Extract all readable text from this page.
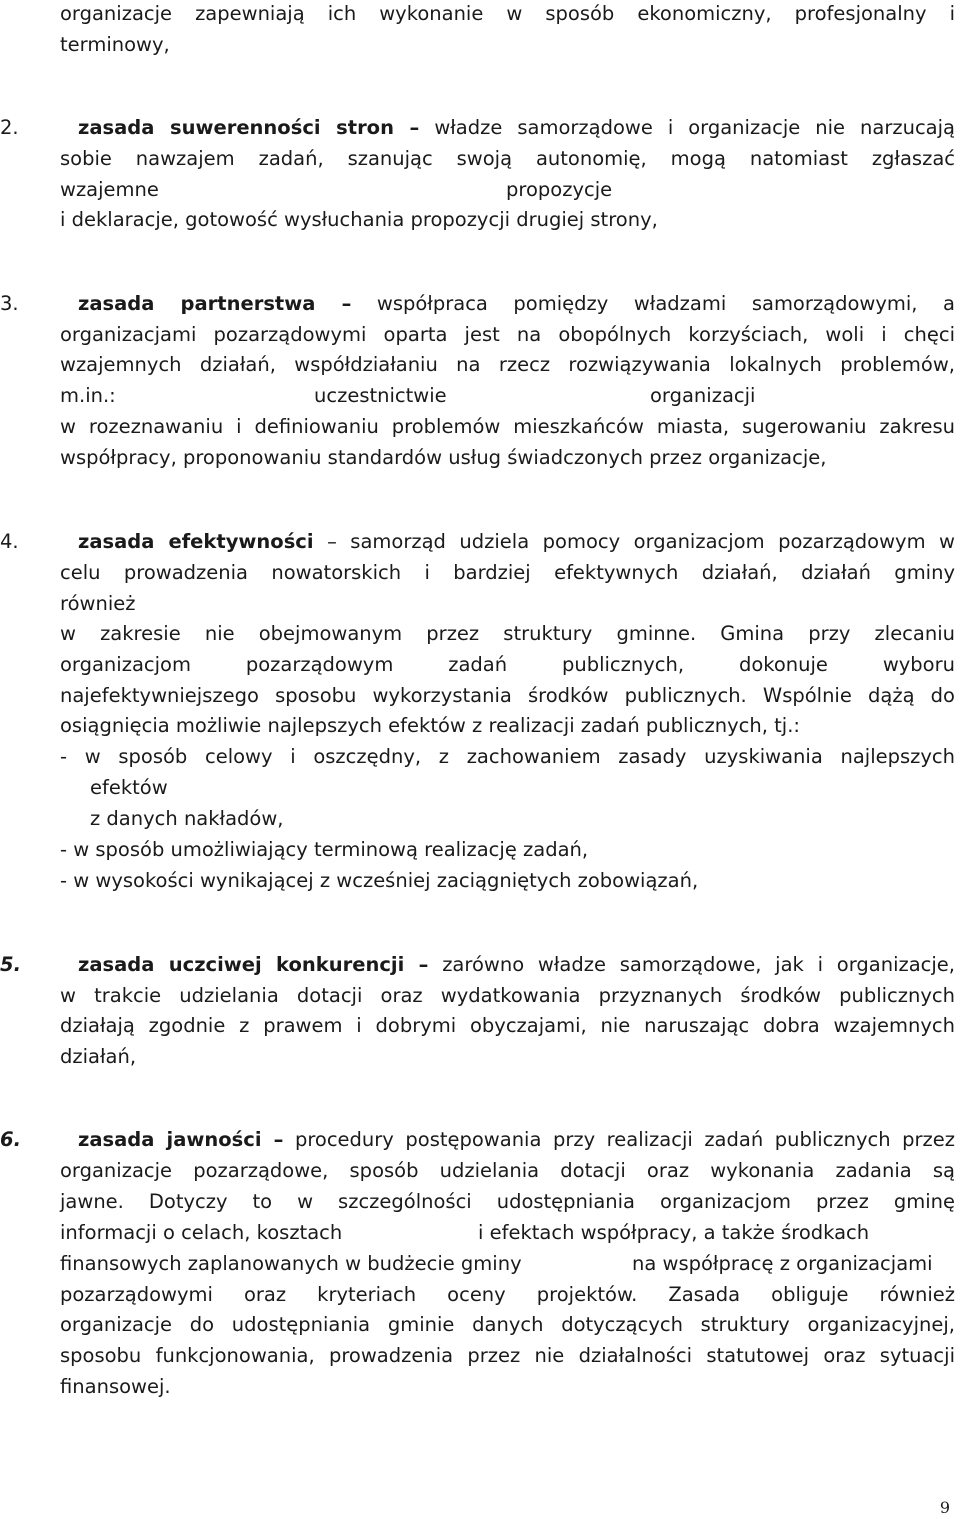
organizacje zapewniają ich wykonanie w sposób ekonomiczny, profesjonalny i
terminowy,
2.	zasada suwerenności stron – władze samorządowe i organizacje nie narzucają
sobie nawzajem zadań, szanując swoją autonomię, mogą natomiast zgłaszać
wzajemne	propozycje
i deklaracje, gotowość wysłuchania propozycji drugiej strony,
3.	zasada partnerstwa – współpraca pomiędzy władzami samorządowymi, a
organizacjami pozarządowymi oparta jest na obopólnych korzyściach, woli i chęci
wzajemnych działań, współdziałaniu na rzecz rozwiązywania lokalnych problemów,
m.in.:	uczestnictwie	organizacji
w rozeznawaniu i definiowaniu problemów mieszkańców miasta, sugerowaniu zakresu
współpracy, proponowaniu standardów usług świadczonych przez organizacje,
4.	zasada efektywności – samorząd udziela pomocy organizacjom pozarządowym w
celu prowadzenia nowatorskich i bardziej efektywnych działań, działań gminy
również
w zakresie nie obejmowanym przez struktury gminne. Gmina przy zlecaniu
organizacjom pozarządowym zadań publicznych, dokonuje wyboru
najefektywniejszego sposobu wykorzystania środków publicznych. Wspólnie dążą do
osiągnięcia możliwie najlepszych efektów z realizacji zadań publicznych, tj.:
- w sposób celowy i oszczędny, z zachowaniem zasady uzyskiwania najlepszych
efektów
z danych nakładów,
- w sposób umożliwiający terminową realizację zadań,
- w wysokości wynikającej z wcześniej zaciągniętych zobowiązań,
5.	zasada uczciwej konkurencji – zarówno władze samorządowe, jak i organizacje,
w trakcie udzielania dotacji oraz wydatkowania przyznanych środków publicznych
działają zgodnie z prawem i dobrymi obyczajami, nie naruszając dobra wzajemnych
działań,
6.	zasada jawności – procedury postępowania przy realizacji zadań publicznych przez
organizacje pozarządowe, sposób udzielania dotacji oraz wykonania zadania są
jawne. Dotyczy to w szczególności udostępniania organizacjom przez gminę
informacji o celach, kosztach	i efektach współpracy, a także środkach
finansowych zaplanowanych w budżecie gminy	na współpracę z organizacjami
pozarządowymi oraz kryteriach oceny projektów. Zasada obliguje również
organizacje do udostępniania gminie danych dotyczących struktury organizacyjnej,
sposobu funkcjonowania, prowadzenia przez nie działalności statutowej oraz sytuacji
finansowej.
9
